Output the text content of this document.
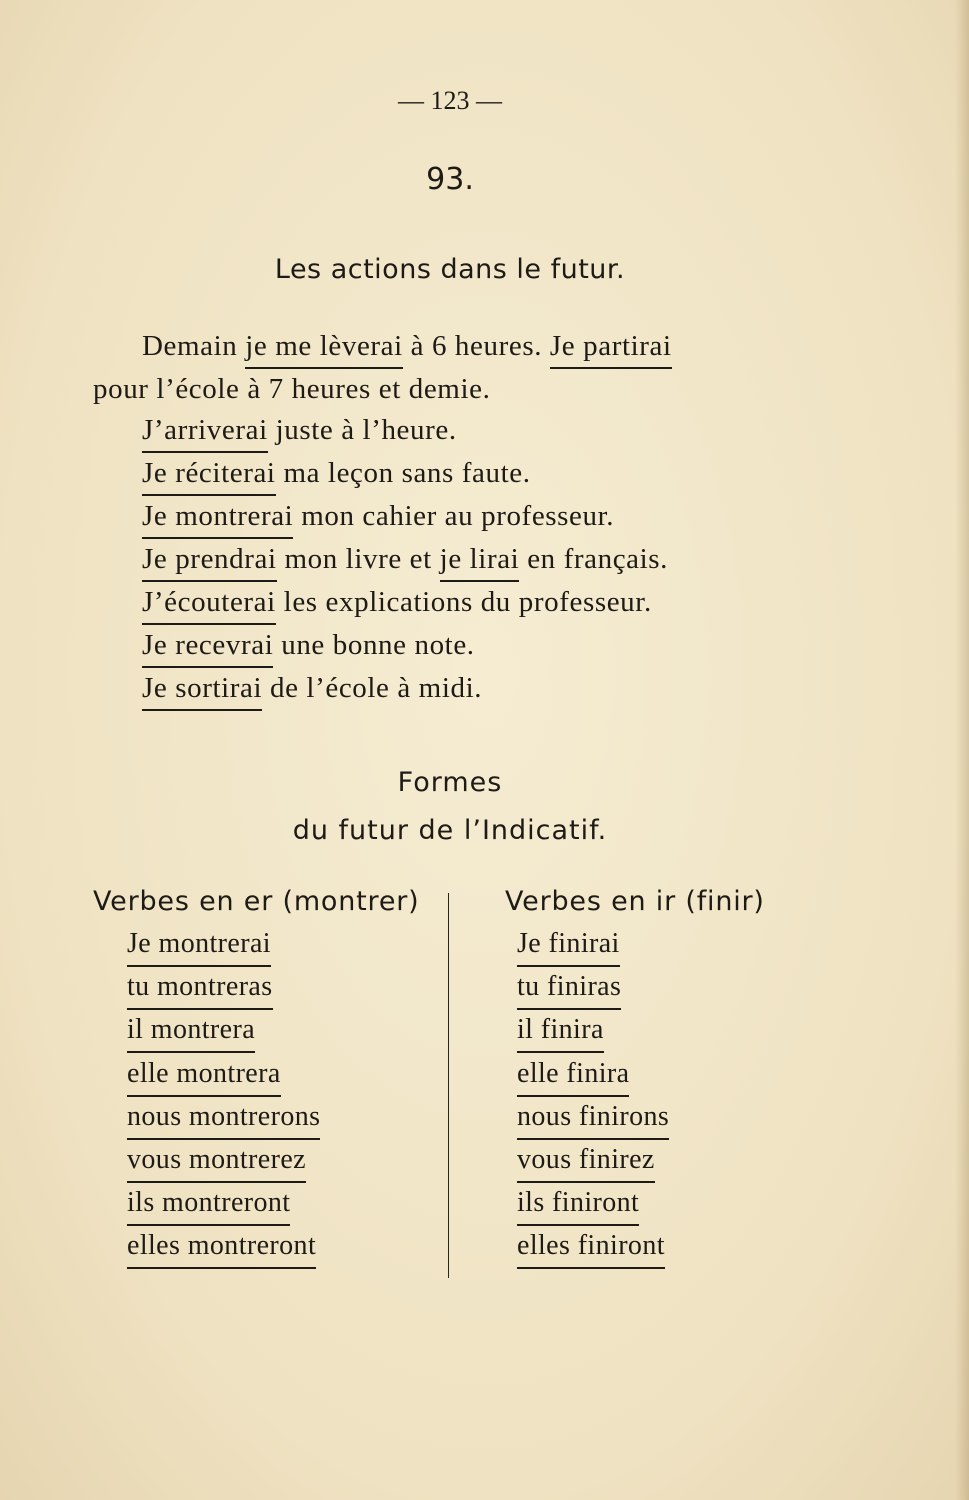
— 123 —
93.
Les actions dans le futur.
Demain je me lèverai à 6 heures. Je partirai
pour l’école à 7 heures et demie.
J’arriverai juste à l’heure.
Je réciterai ma leçon sans faute.
Je montrerai mon cahier au professeur.
Je prendrai mon livre et je lirai en français.
J’écouterai les explications du professeur.
Je recevrai une bonne note.
Je sortirai de l’école à midi.
Formes
du futur de l’Indicatif.
Verbes en er (montrer)	Verbes en ir (finir)
Je montrerai
tu montreras
il montrera
elle montrera
nous montrerons
vous montrerez
ils montreront
elles montreront
Je finirai
tu finiras
il finira
elle finira
nous finirons
vous finirez
ils finiront
elles finiront
